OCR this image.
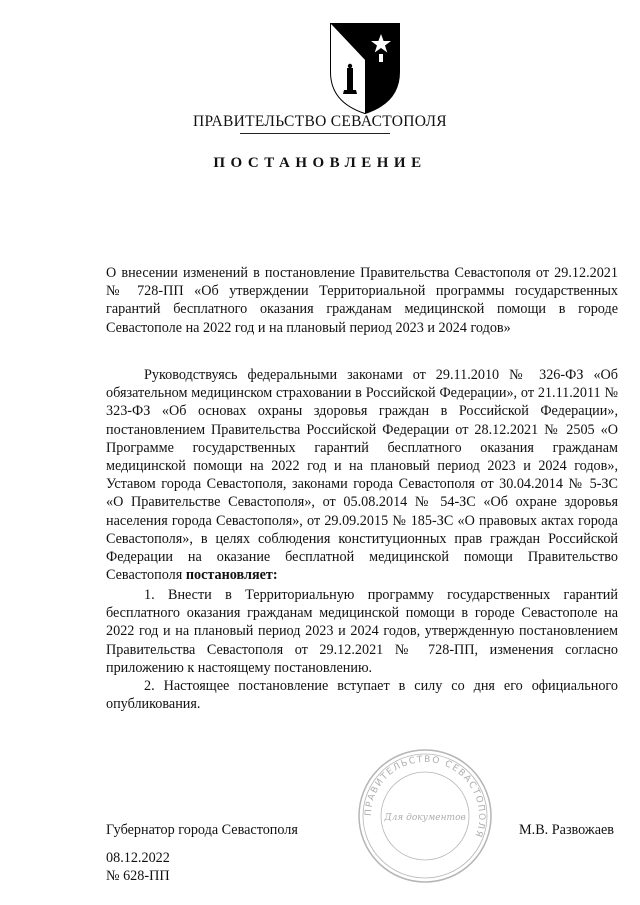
ПРАВИТЕЛЬСТВО СЕВАСТОПОЛЯ
ПОСТАНОВЛЕНИЕ
О внесении изменений в постановление Правительства Севастополя от 29.12.2021 № 728-ПП «Об утверждении Территориальной программы государственных гарантий бесплатного оказания гражданам медицинской помощи в городе Севастополе на 2022 год и на плановый период 2023 и 2024 годов»
Руководствуясь федеральными законами от 29.11.2010 № 326-ФЗ «Об обязательном медицинском страховании в Российской Федерации», от 21.11.2011 № 323-ФЗ «Об основах охраны здоровья граждан в Российской Федерации», постановлением Правительства Российской Федерации от 28.12.2021 № 2505 «О Программе государственных гарантий бесплатного оказания гражданам медицинской помощи на 2022 год и на плановый период 2023 и 2024 годов», Уставом города Севастополя, законами города Севастополя от 30.04.2014 № 5-ЗС «О Правительстве Севастополя», от 05.08.2014 № 54-ЗС «Об охране здоровья населения города Севастополя», от 29.09.2015 № 185-ЗС «О правовых актах города Севастополя», в целях соблюдения конституционных прав граждан Российской Федерации на оказание бесплатной медицинской помощи Правительство Севастополя постановляет:
1. Внести в Территориальную программу государственных гарантий бесплатного оказания гражданам медицинской помощи в городе Севастополе на 2022 год и на плановый период 2023 и 2024 годов, утвержденную постановлением Правительства Севастополя от 29.12.2021 № 728-ПП, изменения согласно приложению к настоящему постановлению.
2. Настоящее постановление вступает в силу со дня его официального опубликования.
ПРАВИТЕЛЬСТВО СЕВАСТОПОЛЯ
Для документов
Губернатор города Севастополя	М.В. Развожаев
08.12.2022
№ 628-ПП
